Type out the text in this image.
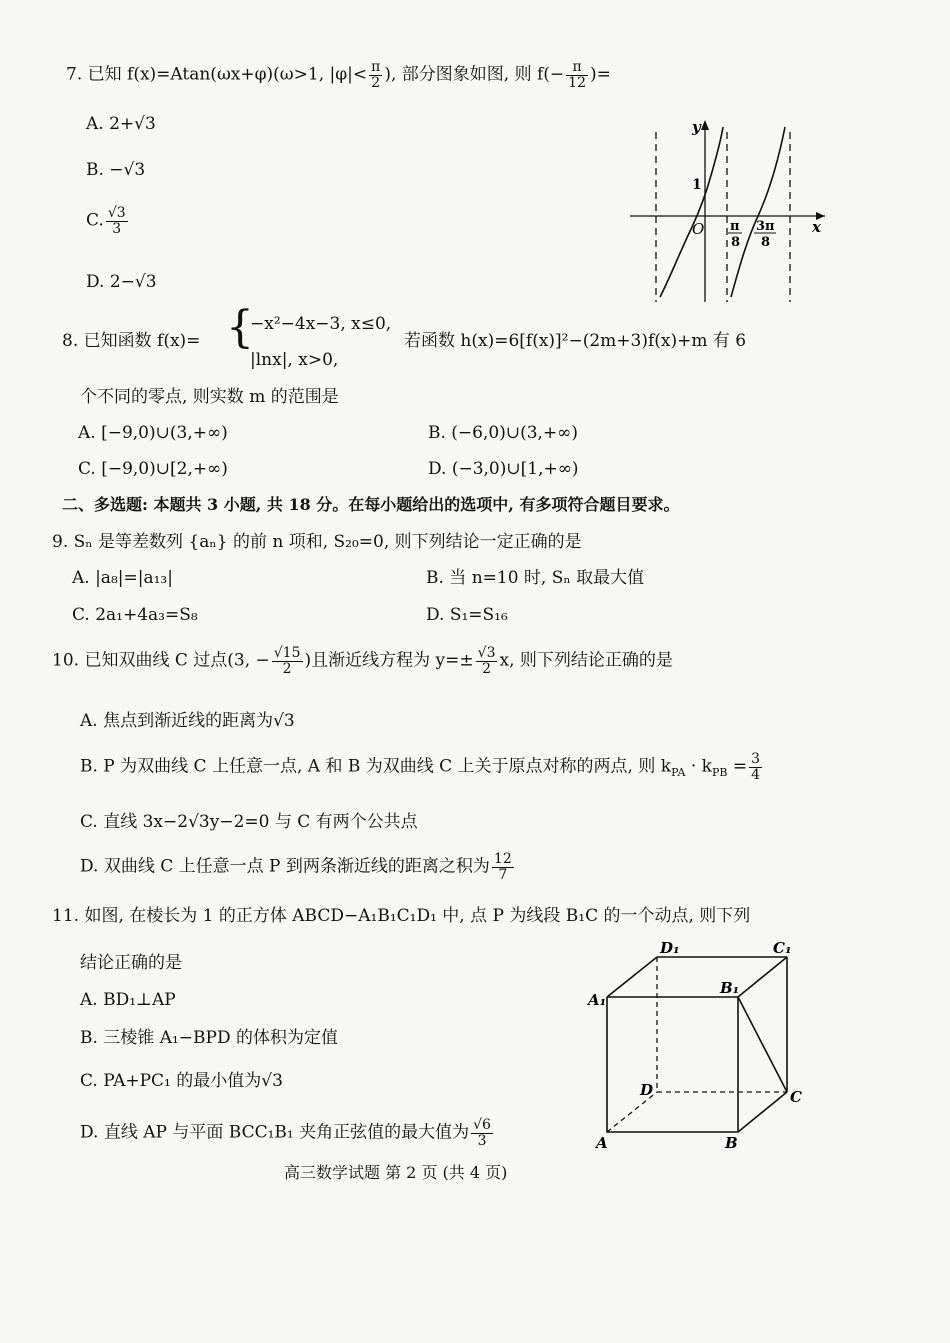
7. 已知 f(x)=Atan(ωx+φ)(ω>1, $|\varphi|< \frac{\pi}{2}$ ), 部分图象如图, 则 $f(- \frac{\pi}{12}$ )=
A. 2+√3
B. −√3
C. $\frac{√3}{3}$
D. 2−√3
y
x
1
O π
8
3π
8
8. 已知函数 f(x)= {
−x²−4x−3, x≤0,
|lnx|, x>0,
若函数 h(x)=6[f(x)]²−(2m+3)f(x)+m 有 6
个不同的零点, 则实数 m 的范围是
A. [−9,0)∪(3,+∞)	B. (−6,0)∪(3,+∞)
C. [−9,0)∪[2,+∞)	D. (−3,0)∪[1,+∞)
二、多选题: 本题共 3 小题, 共 18 分。在每小题给出的选项中, 有多项符合题目要求。
9. Sₙ 是等差数列 {aₙ} 的前 n 项和, S₂₀=0, 则下列结论一定正确的是
A. |a₈|=|a₁₃|	B. 当 n=10 时, Sₙ 取最大值
C. 2a₁+4a₃=S₈	D. S₁=S₁₆
10. 已知双曲线 C 过点(3, − $\frac{√15}{2}$ )且渐近线方程为 $y=\pm \frac{√3}{2} x$, 则下列结论正确的是
A. 焦点到渐近线的距离为√3
B. P 为双曲线 C 上任意一点, A 和 B 为双曲线 C 上关于原点对称的两点, 则 $k_{PA} \cdot k_{PB} = \frac{3}{4}$
C. 直线 3x−2√3y−2=0 与 C 有两个公共点
D. 双曲线 C 上任意一点 P 到两条渐近线的距离之积为 $\frac{12}{7}$
11. 如图, 在棱长为 1 的正方体 ABCD−A₁B₁C₁D₁ 中, 点 P 为线段 B₁C 的一个动点, 则下列
结论正确的是
A. BD₁⊥AP
B. 三棱锥 A₁−BPD 的体积为定值
C. PA+PC₁ 的最小值为√3
D. 直线 AP 与平面 BCC₁B₁ 夹角正弦值的最大值为 $\frac{√6}{3}$
A₁
B₁
D₁	C₁
D	C
A	B
高三数学试题 第 2 页 (共 4 页)
